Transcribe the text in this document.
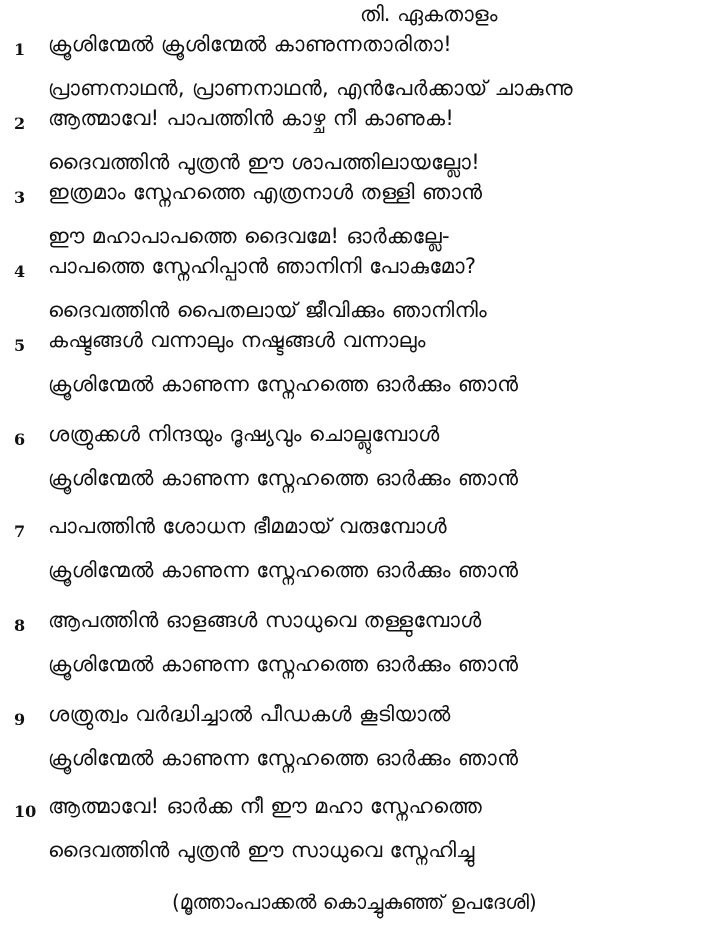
തി. ഏകതാളം
1	ക്രൂശിന്മേൽ ക്രൂശിന്മേൽ കാണുന്നതാരിതാ!
പ്രാണനാഥൻ, പ്രാണനാഥൻ, എൻപേർക്കായ് ചാകുന്നു
2	ആത്മാവേ! പാപത്തിൻ കാഴ്ച നീ കാണുക!
ദൈവത്തിൻ പുത്രൻ ഈ ശാപത്തിലായല്ലോ!
3	ഇത്രമാം സ്നേഹത്തെ എത്രനാൾ തള്ളി ഞാൻ
ഈ മഹാപാപത്തെ ദൈവമേ! ഓർക്കല്ലേ-
4	പാപത്തെ സ്നേഹിപ്പാൻ ഞാനിനി പോകുമോ?
ദൈവത്തിൻ പൈതലായ് ജീവിക്കും ഞാനിനിം
5	കഷ്ടങ്ങൾ വന്നാലും നഷ്ടങ്ങൾ വന്നാലും
ക്രൂശിന്മേൽ കാണുന്ന സ്നേഹത്തെ ഓർക്കും ഞാൻ
6	ശത്രുക്കൾ നിന്ദയും ദൂഷ്യവും ചൊല്ലുമ്പോൾ
ക്രൂശിന്മേൽ കാണുന്ന സ്നേഹത്തെ ഓർക്കും ഞാൻ
7	പാപത്തിൻ ശോധന ഭീമമായ് വരുമ്പോൾ
ക്രൂശിന്മേൽ കാണുന്ന സ്നേഹത്തെ ഓർക്കും ഞാൻ
8	ആപത്തിൻ ഓളങ്ങൾ സാധുവെ തള്ളുമ്പോൾ
ക്രൂശിന്മേൽ കാണുന്ന സ്നേഹത്തെ ഓർക്കും ഞാൻ
9	ശത്രുത്വം വർദ്ധിച്ചാൽ പീഡകൾ കൂടിയാൽ
ക്രൂശിന്മേൽ കാണുന്ന സ്നേഹത്തെ ഓർക്കും ഞാൻ
10 ആത്മാവേ! ഓർക്ക നീ ഈ മഹാ സ്നേഹത്തെ
ദൈവത്തിൻ പുത്രൻ ഈ സാധുവെ സ്നേഹിച്ചു
(മൂത്താംപാക്കൽ കൊച്ചുകുഞ്ഞ് ഉപദേശി)
